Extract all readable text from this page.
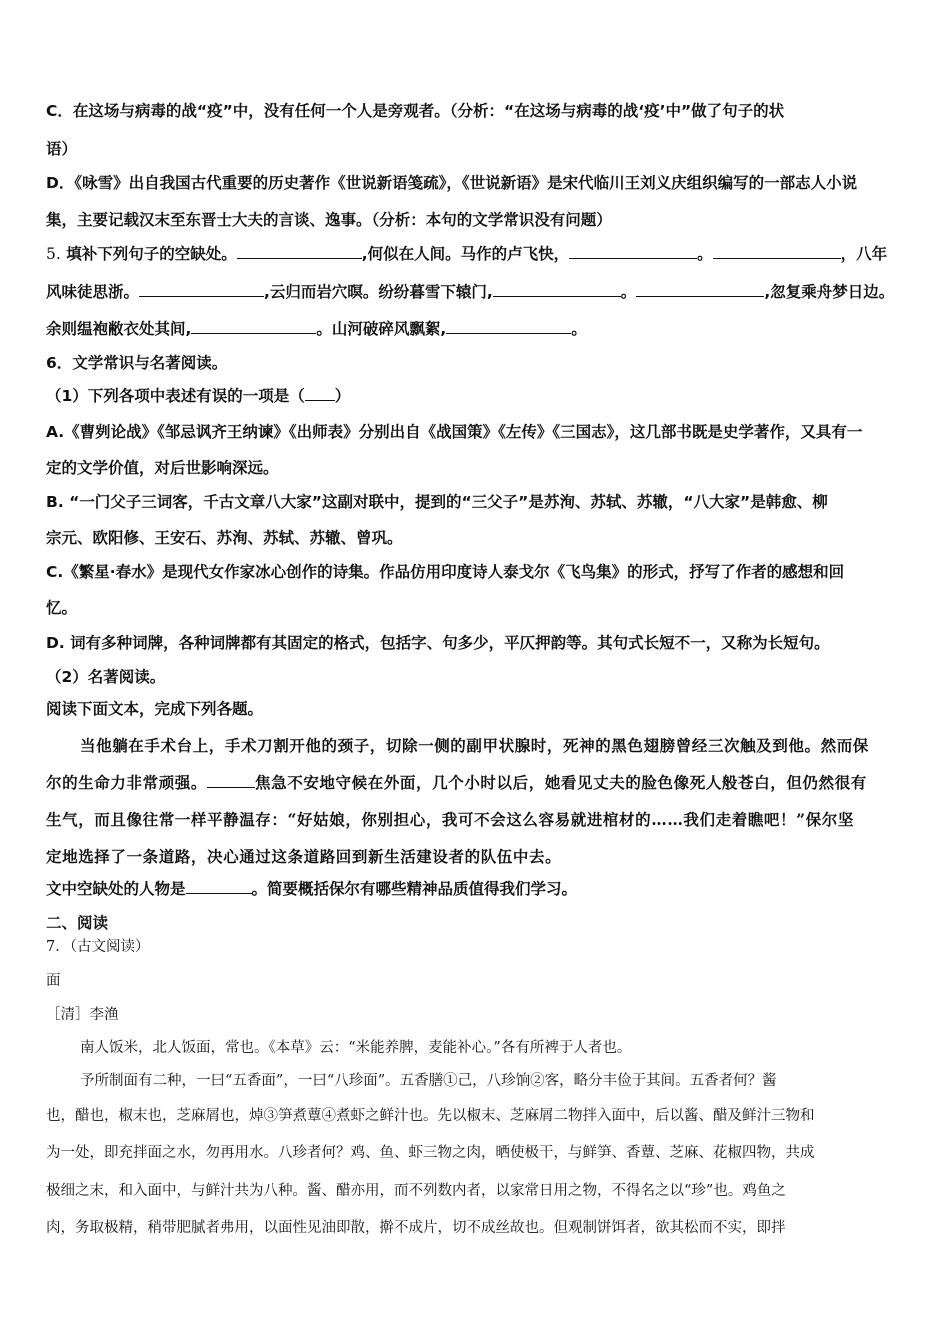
C．在这场与病毒的战“疫”中，没有任何一个人是旁观者。（分析：“在这场与病毒的战‘疫’中”做了句子的状
语）
D．《咏雪》出自我国古代重要的历史著作《世说新语笺疏》，《世说新语》是宋代临川王刘义庆组织编写的一部志人小说
集，主要记载汉末至东晋士大夫的言谈、逸事。（分析：本句的文学常识没有问题）
5. 填补下列句子的空缺处。	,何似在人间。马作的卢飞快，	。	，八年
风味徒思浙。	,云归而岩穴暝。纷纷暮雪下辕门,	。	,忽复乘舟梦日边。
余则缊袍敝衣处其间,	。山河破碎风飘絮,	。
6．文学常识与名著阅读。
（1）下列各项中表述有误的一项是（ ）
A.《曹刿论战》《邹忌讽齐王纳谏》《出师表》分别出自《战国策》《左传》《三国志》，这几部书既是史学著作，又具有一
定的文学价值，对后世影响深远。
B. “一门父子三词客，千古文章八大家”这副对联中，提到的“三父子”是苏洵、苏轼、苏辙，“八大家”是韩愈、柳
宗元、欧阳修、王安石、苏洵、苏轼、苏辙、曾巩。
C.《繁星·春水》是现代女作家冰心创作的诗集。作品仿用印度诗人泰戈尔《飞鸟集》的形式，抒写了作者的感想和回
忆。
D. 词有多种词牌，各种词牌都有其固定的格式，包括字、句多少，平仄押韵等。其句式长短不一，又称为长短句。
（2）名著阅读。
阅读下面文本，完成下列各题。
当他躺在手术台上，手术刀割开他的颈子，切除一侧的副甲状腺时，死神的黑色翅膀曾经三次触及到他。然而保
尔的生命力非常顽强。	焦急不安地守候在外面，几个小时以后，她看见丈夫的脸色像死人般苍白，但仍然很有
生气，而且像往常一样平静温存：“好姑娘，你别担心，我可不会这么容易就进棺材的……我们走着瞧吧！”保尔坚
定地选择了一条道路，决心通过这条道路回到新生活建设者的队伍中去。
文中空缺处的人物是	。简要概括保尔有哪些精神品质值得我们学习。
二、阅读
7．（古文阅读）
面
［清］李渔
南人饭米，北人饭面，常也。《本草》云：“米能养脾，麦能补心。”各有所裨于人者也。
予所制面有二种，一曰“五香面”，一曰“八珍面”。五香膳①己，八珍饷②客，略分丰俭于其间。五香者何？酱
也，醋也，椒末也，芝麻屑也，焯③笋煮蕈④煮虾之鲜汁也。先以椒末、芝麻屑二物拌入面中，后以酱、醋及鲜汁三物和
为一处，即充拌面之水，勿再用水。八珍者何？鸡、鱼、虾三物之肉，晒使极干，与鲜笋、香蕈、芝麻、花椒四物，共成
极细之末，和入面中，与鲜汁共为八种。酱、醋亦用，而不列数内者，以家常日用之物，不得名之以“珍”也。鸡鱼之
肉，务取极精，稍带肥腻者弗用，以面性见油即散，擀不成片，切不成丝故也。但观制饼饵者，欲其松而不实，即拌
